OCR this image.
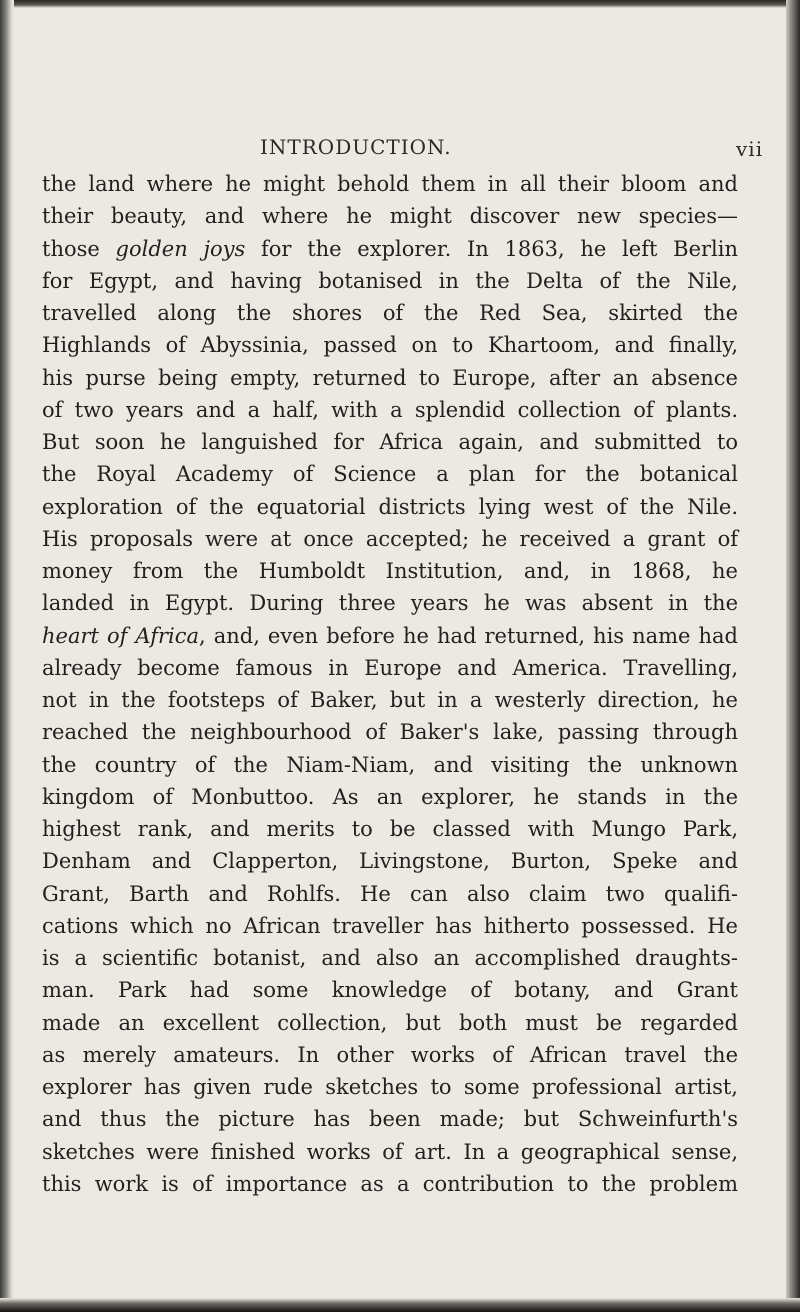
INTRODUCTION.	vii
the land where he might behold them in all their bloom and
their beauty, and where he might discover new species—
those golden joys for the explorer. In 1863, he left Berlin
for Egypt, and having botanised in the Delta of the Nile,
travelled along the shores of the Red Sea, skirted the
Highlands of Abyssinia, passed on to Khartoom, and finally,
his purse being empty, returned to Europe, after an absence
of two years and a half, with a splendid collection of plants.
But soon he languished for Africa again, and submitted to
the Royal Academy of Science a plan for the botanical
exploration of the equatorial districts lying west of the Nile.
His proposals were at once accepted; he received a grant of
money from the Humboldt Institution, and, in 1868, he
landed in Egypt. During three years he was absent in the
heart of Africa, and, even before he had returned, his name had
already become famous in Europe and America. Travelling,
not in the footsteps of Baker, but in a westerly direction, he
reached the neighbourhood of Baker's lake, passing through
the country of the Niam-Niam, and visiting the unknown
kingdom of Monbuttoo. As an explorer, he stands in the
highest rank, and merits to be classed with Mungo Park,
Denham and Clapperton, Livingstone, Burton, Speke and
Grant, Barth and Rohlfs. He can also claim two qualifi-
cations which no African traveller has hitherto possessed. He
is a scientific botanist, and also an accomplished draughts-
man. Park had some knowledge of botany, and Grant
made an excellent collection, but both must be regarded
as merely amateurs. In other works of African travel the
explorer has given rude sketches to some professional artist,
and thus the picture has been made; but Schweinfurth's
sketches were finished works of art. In a geographical sense,
this work is of importance as a contribution to the problem
